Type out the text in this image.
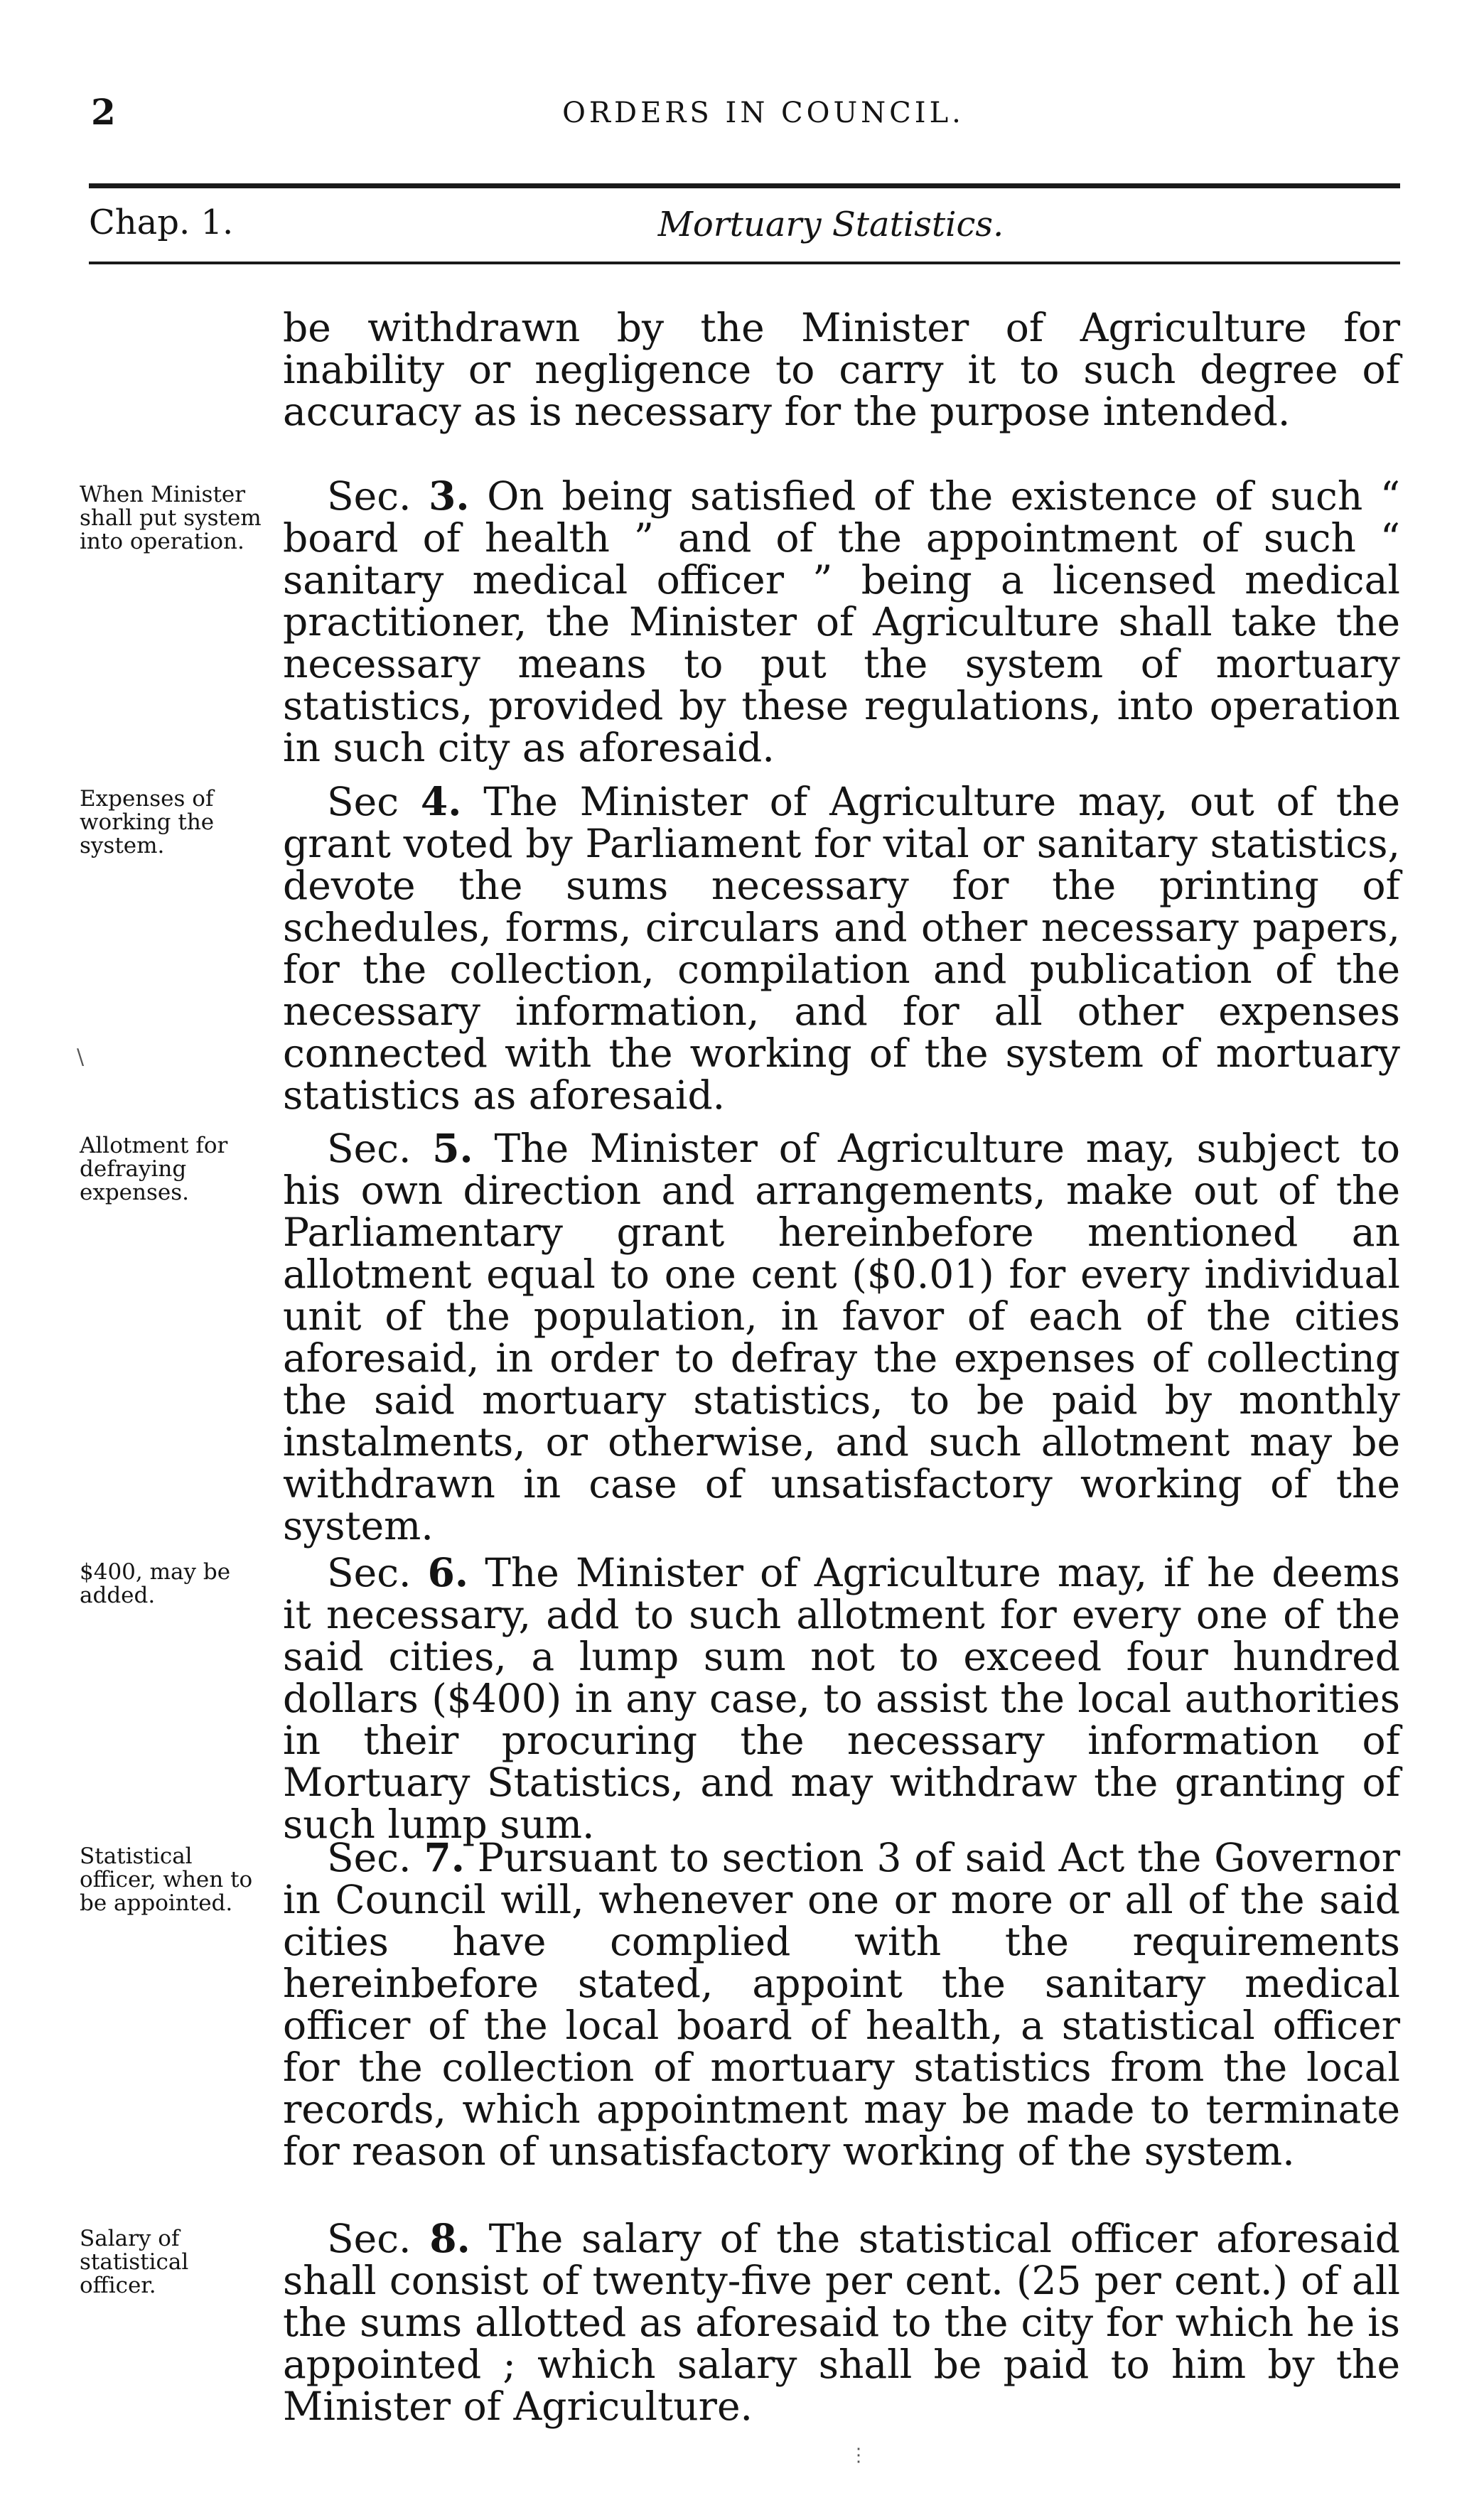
2	ORDERS IN COUNCIL.
Chap. 1.	Mortuary Statistics.

be withdrawn by the Minister of Agriculture for inability or negligence to carry it to such degree of accuracy as is necessary for the purpose intended.

When Minister shall put system into operation.

Sec. 3. On being satisfied of the existence of such “ board of health ” and of the appointment of such “ sanitary medical officer ” being a licensed medical practitioner, the Minister of Agriculture shall take the necessary means to put the system of mortuary statistics, provided by these regulations, into operation in such city as aforesaid.

Expenses of working the system.

Sec 4. The Minister of Agriculture may, out of the grant voted by Parliament for vital or sanitary statistics, devote the sums necessary for the printing of schedules, forms, circulars and other necessary papers, for the collection, compilation and publication of the necessary information, and for all other expenses connected with the working of the system of mortuary statistics as aforesaid.

Allotment for defraying expenses.

Sec. 5. The Minister of Agriculture may, subject to his own direction and arrangements, make out of the Parliamentary grant hereinbefore mentioned an allotment equal to one cent ($0.01) for every individual unit of the population, in favor of each of the cities aforesaid, in order to defray the expenses of collecting the said mortuary statistics, to be paid by monthly instalments, or otherwise, and such allotment may be withdrawn in case of unsatisfactory working of the system.

$400, may be added.	Sec. 6. The Minister of Agriculture may, if he deems it necessary, add to such allotment for every one of the said cities, a lump sum not to exceed four hundred dollars ($400) in any case, to assist the local authorities in their procuring the necessary information of Mortuary Statistics, and may withdraw the granting of such lump sum.

Statistical officer, when to be appointed.

Sec. 7. Pursuant to section 3 of said Act the Governor in Council will, whenever one or more or all of the said cities have complied with the requirements hereinbefore stated, appoint the sanitary medical officer of the local board of health, a statistical officer for the collection of mortuary statistics from the local records, which appointment may be made to terminate for reason of unsatisfactory working of the system.

Salary of statistical officer.

Sec. 8. The salary of the statistical officer aforesaid shall consist of twenty-five per cent. (25 per cent.) of all the sums allotted as aforesaid to the city for which he is appointed ; which salary shall be paid to him by the Minister of Agriculture.

\
⋮
